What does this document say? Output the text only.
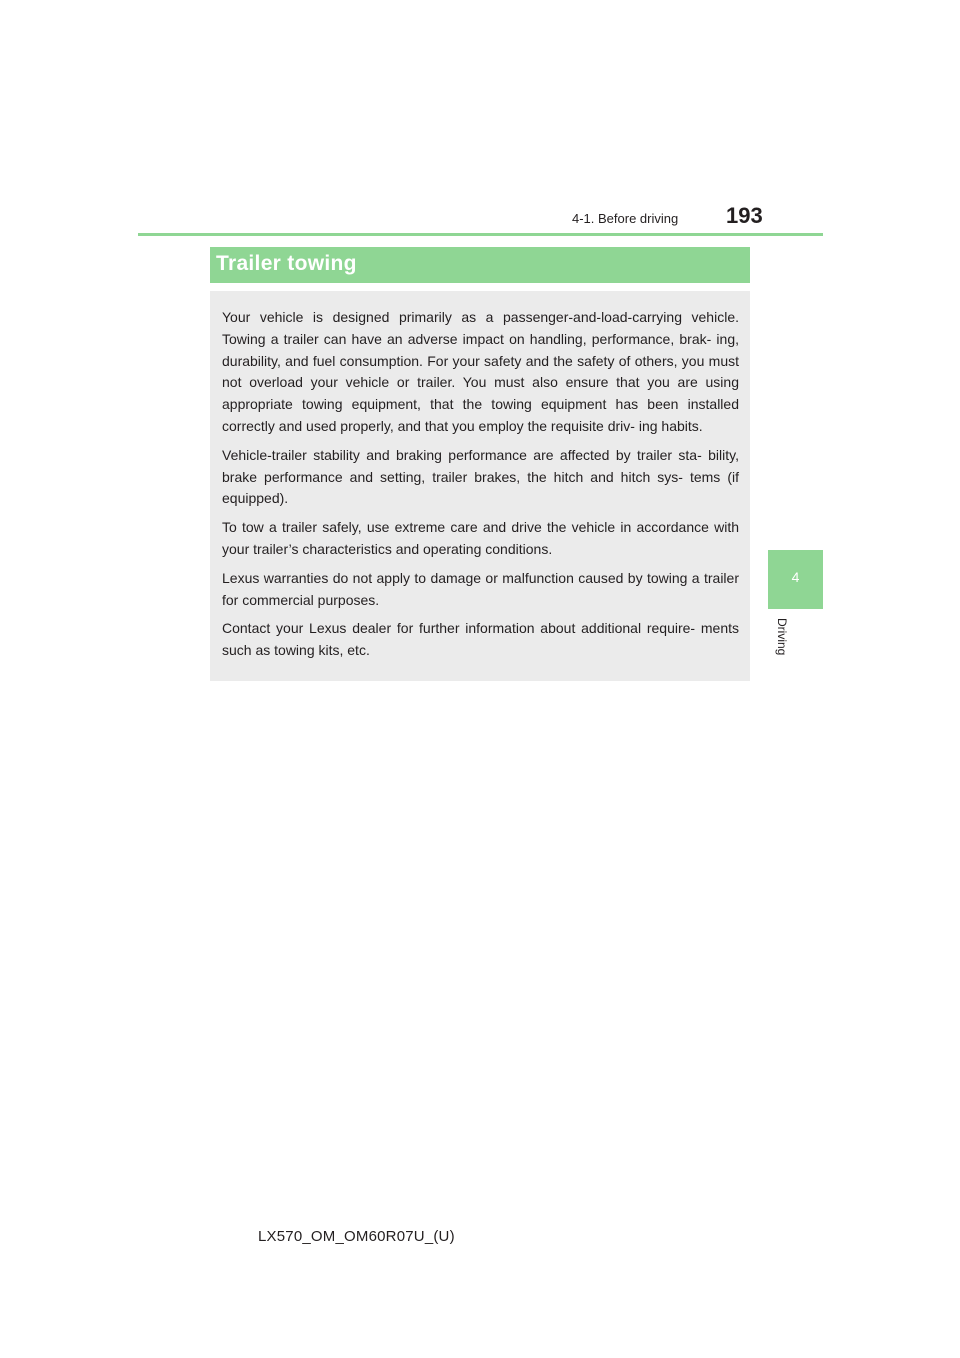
4-1. Before driving 193
4
Driving
Trailer towing

Your vehicle is designed primarily as a passenger-and-load-carrying vehicle. Towing a trailer can have an adverse impact on handling, performance, brak- ing, durability, and fuel consumption. For your safety and the safety of others, you must not overload your vehicle or trailer. You must also ensure that you are using appropriate towing equipment, that the towing equipment has been installed correctly and used properly, and that you employ the requisite driv- ing habits.

Vehicle-trailer stability and braking performance are affected by trailer sta- bility, brake performance and setting, trailer brakes, the hitch and hitch sys- tems (if equipped).

To tow a trailer safely, use extreme care and drive the vehicle in accordance with your trailer’s characteristics and operating conditions.

Lexus warranties do not apply to damage or malfunction caused by towing a trailer for commercial purposes.

Contact your Lexus dealer for further information about additional require- ments such as towing kits, etc.

LX570_OM_OM60R07U_(U)
